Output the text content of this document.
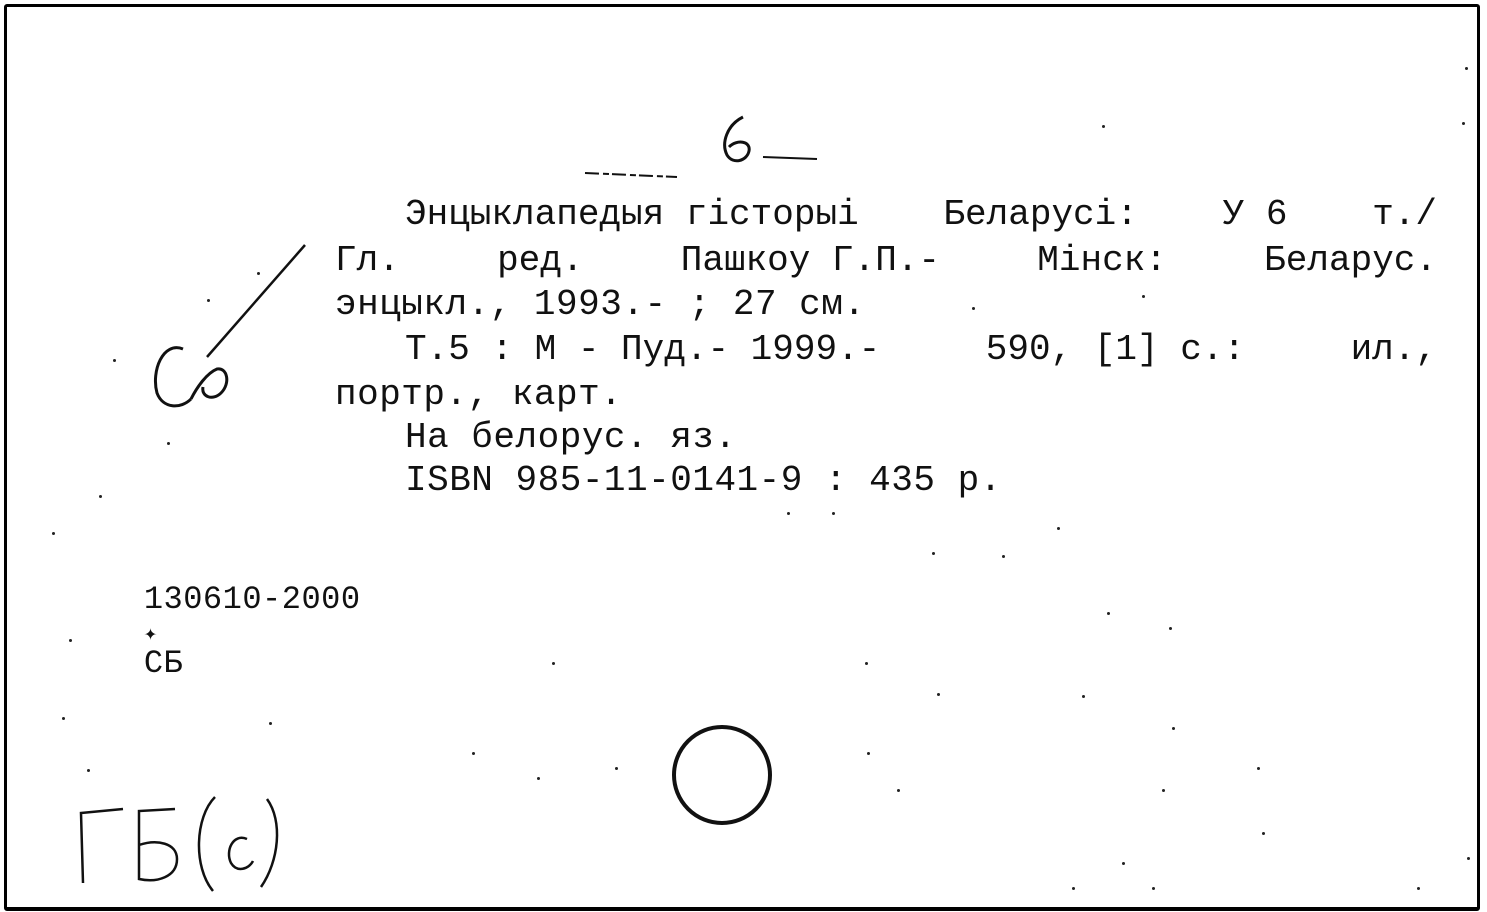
Энцыклапедыя гісторыі Беларусі: У 6 т./
Гл.	ред.	Пашкоу Г.П.-	Мінск:	Беларус.
энцыкл., 1993.- ; 27 см.
Т.5 : М - Пуд.- 1999.-	590, [1] с.:	ил.,
портр., карт.
На белорус. яз.
ISBN 985-11-0141-9 : 435 р.

130610-2000
✦
СБ
